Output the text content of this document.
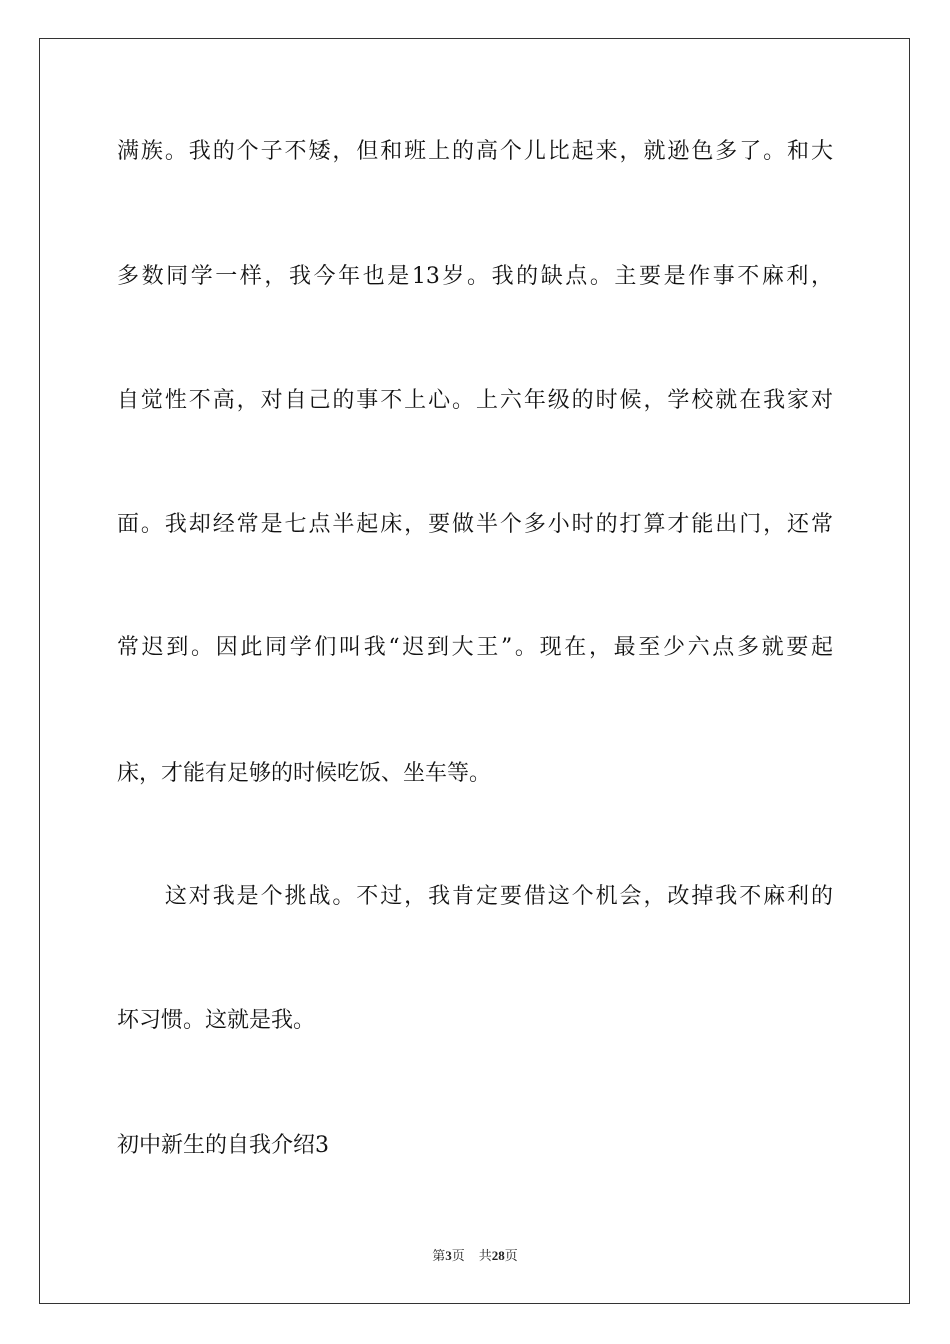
满族。我的个子不矮，但和班上的高个儿比起来，就逊色多了。和大
多数同学一样，我今年也是13岁。我的缺点。主要是作事不麻利，
自觉性不高，对自己的事不上心。上六年级的时候，学校就在我家对
面。我却经常是七点半起床，要做半个多小时的打算才能出门，还常
常迟到。因此同学们叫我“迟到大王”。现在，最至少六点多就要起
床，才能有足够的时候吃饭、坐车等。
　　这对我是个挑战。不过，我肯定要借这个机会，改掉我不麻利的
坏习惯。这就是我。
初中新生的自我介绍3
第3页 共28页
